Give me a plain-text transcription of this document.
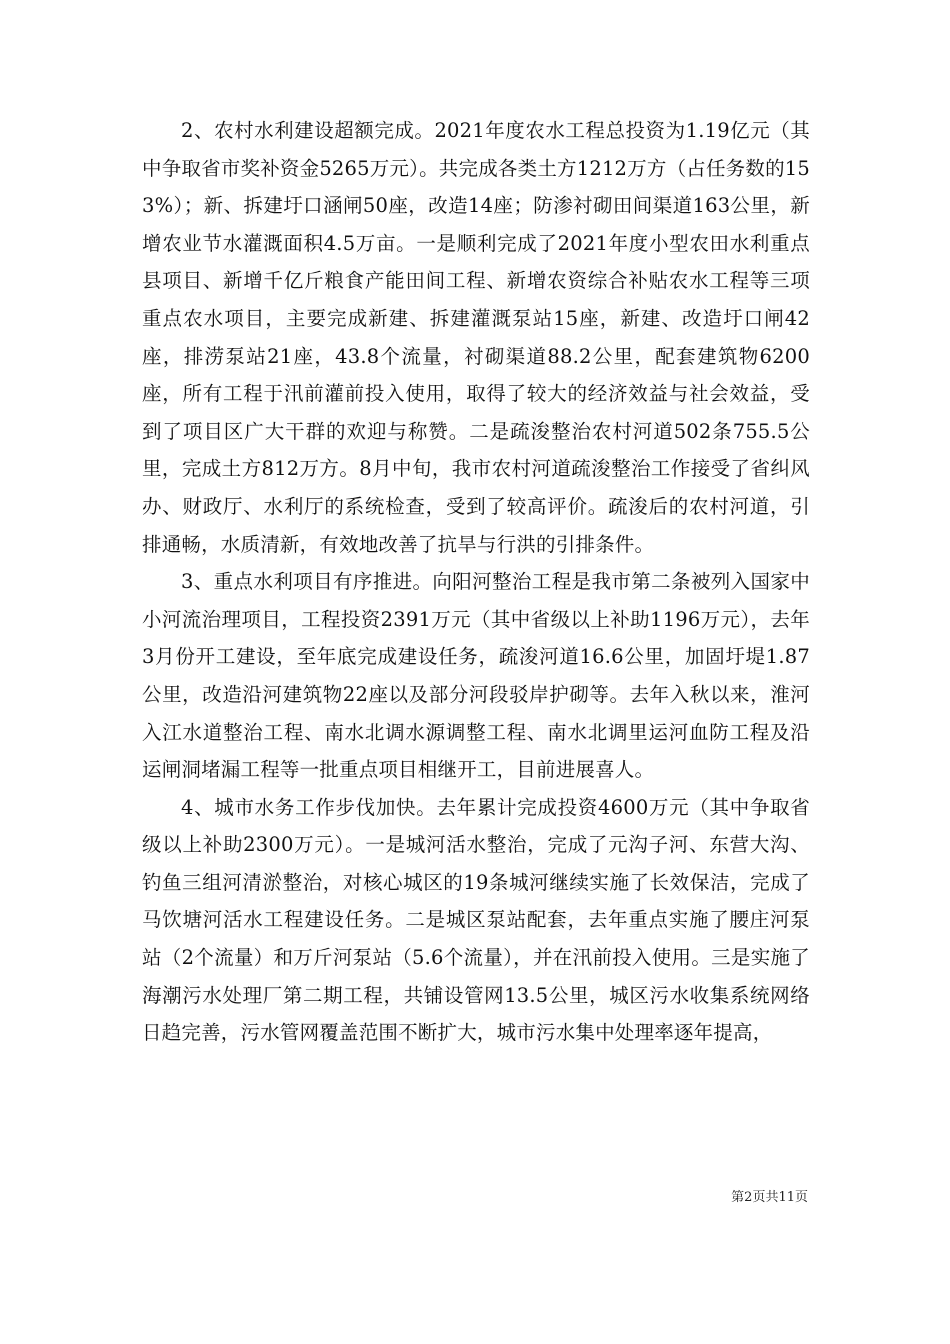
2、农村水利建设超额完成。2021年度农水工程总投资为1.19亿元（其中争取省市奖补资金5265万元）。共完成各类土方1212万方（占任务数的153%）；新、拆建圩口涵闸50座，改造14座；防渗衬砌田间渠道163公里，新增农业节水灌溉面积4.5万亩。一是顺利完成了2021年度小型农田水利重点县项目、新增千亿斤粮食产能田间工程、新增农资综合补贴农水工程等三项重点农水项目，主要完成新建、拆建灌溉泵站15座，新建、改造圩口闸42座，排涝泵站21座，43.8个流量，衬砌渠道88.2公里，配套建筑物6200座，所有工程于汛前灌前投入使用，取得了较大的经济效益与社会效益，受到了项目区广大干群的欢迎与称赞。二是疏浚整治农村河道502条755.5公里，完成土方812万方。8月中旬，我市农村河道疏浚整治工作接受了省纠风办、财政厅、水利厅的系统检查，受到了较高评价。疏浚后的农村河道，引排通畅，水质清新，有效地改善了抗旱与行洪的引排条件。

3、重点水利项目有序推进。向阳河整治工程是我市第二条被列入国家中小河流治理项目，工程投资2391万元（其中省级以上补助1196万元），去年3月份开工建设，至年底完成建设任务，疏浚河道16.6公里，加固圩堤1.87公里，改造沿河建筑物22座以及部分河段驳岸护砌等。去年入秋以来，淮河入江水道整治工程、南水北调水源调整工程、南水北调里运河血防工程及沿运闸洞堵漏工程等一批重点项目相继开工，目前进展喜人。

4、城市水务工作步伐加快。去年累计完成投资4600万元（其中争取省级以上补助2300万元）。一是城河活水整治，完成了元沟子河、东营大沟、钓鱼三组河清淤整治，对核心城区的19条城河继续实施了长效保洁，完成了马饮塘河活水工程建设任务。二是城区泵站配套，去年重点实施了腰庄河泵站（2个流量）和万斤河泵站（5.6个流量），并在汛前投入使用。三是实施了海潮污水处理厂第二期工程，共铺设管网13.5公里，城区污水收集系统网络日趋完善，污水管网覆盖范围不断扩大，城市污水集中处理率逐年提高，

第2页共11页
